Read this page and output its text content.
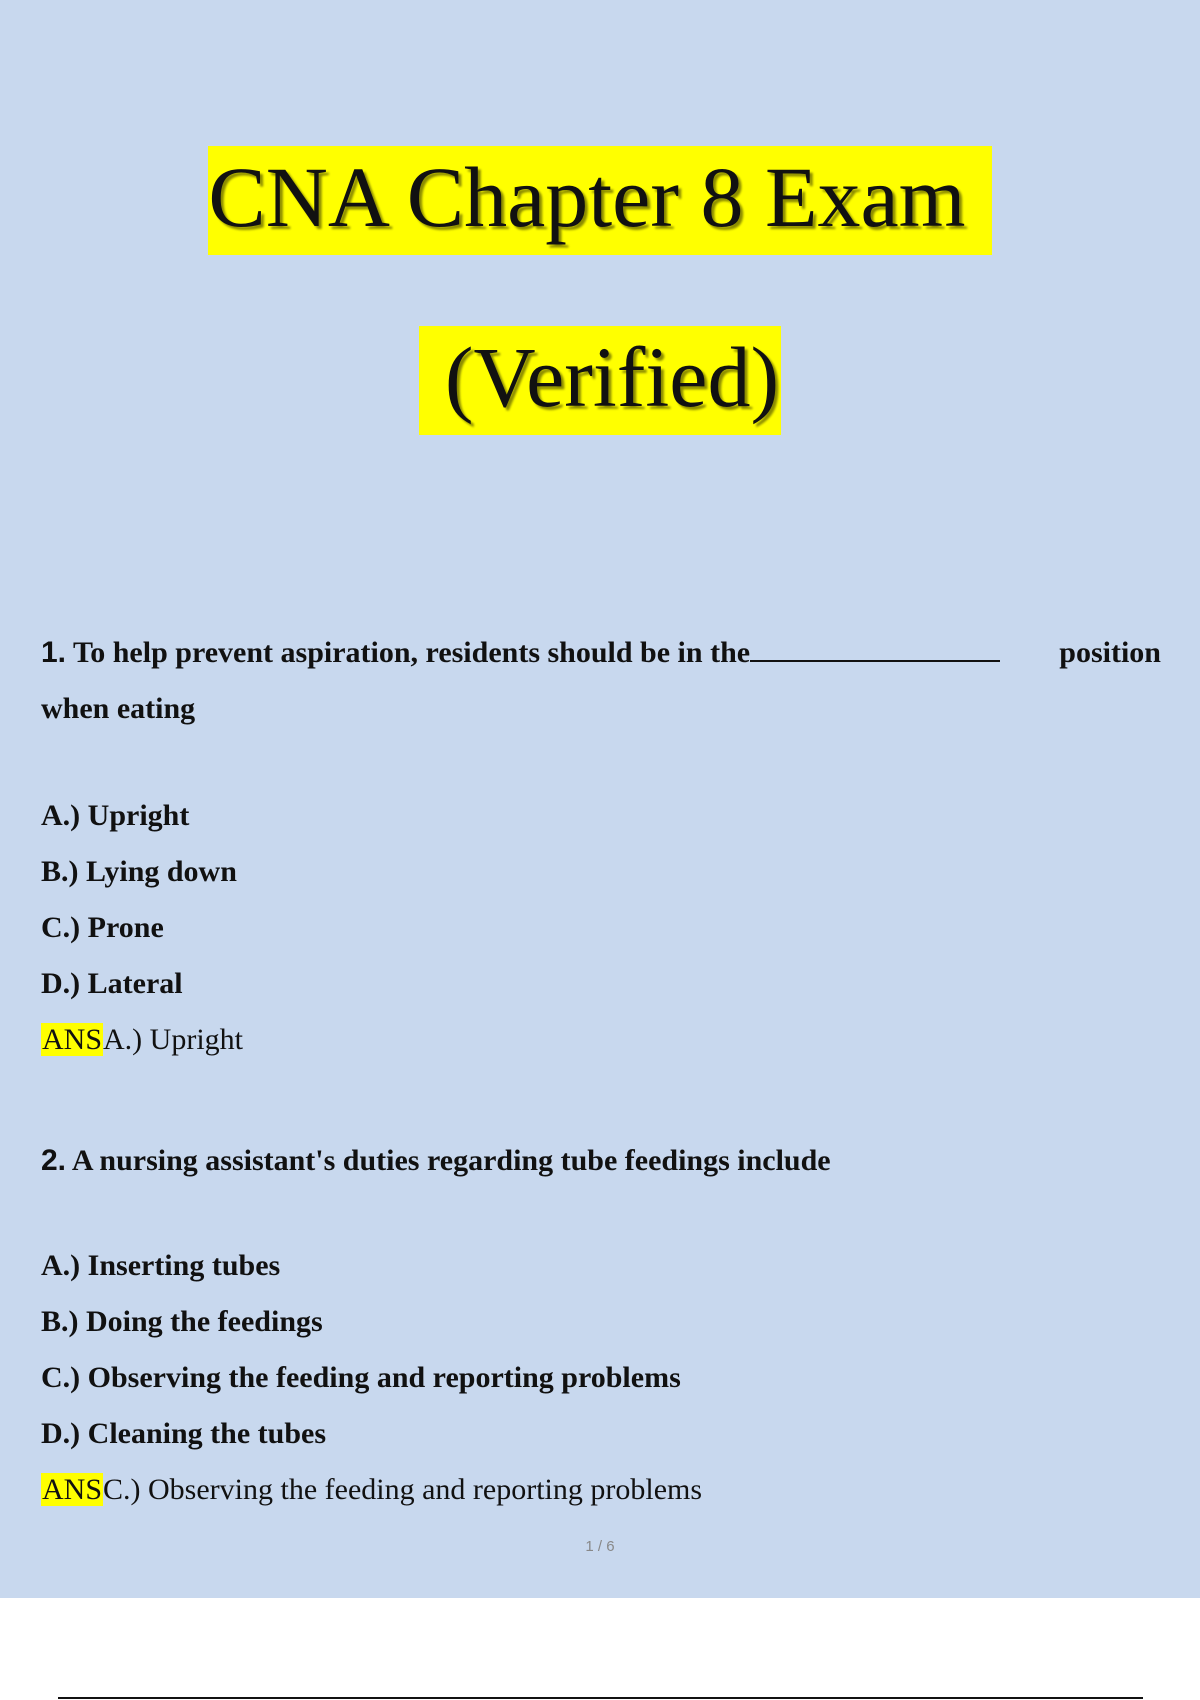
CNA Chapter 8 Exam
(Verified)

1. To help prevent aspiration, residents should be in the	position

when eating

A.) Upright
B.) Lying down
C.) Prone
D.) Lateral
ANSA.) Upright

2. A nursing assistant's duties regarding tube feedings include

A.) Inserting tubes
B.) Doing the feedings
C.) Observing the feeding and reporting problems
D.) Cleaning the tubes
ANSC.) Observing the feeding and reporting problems
1 / 6
